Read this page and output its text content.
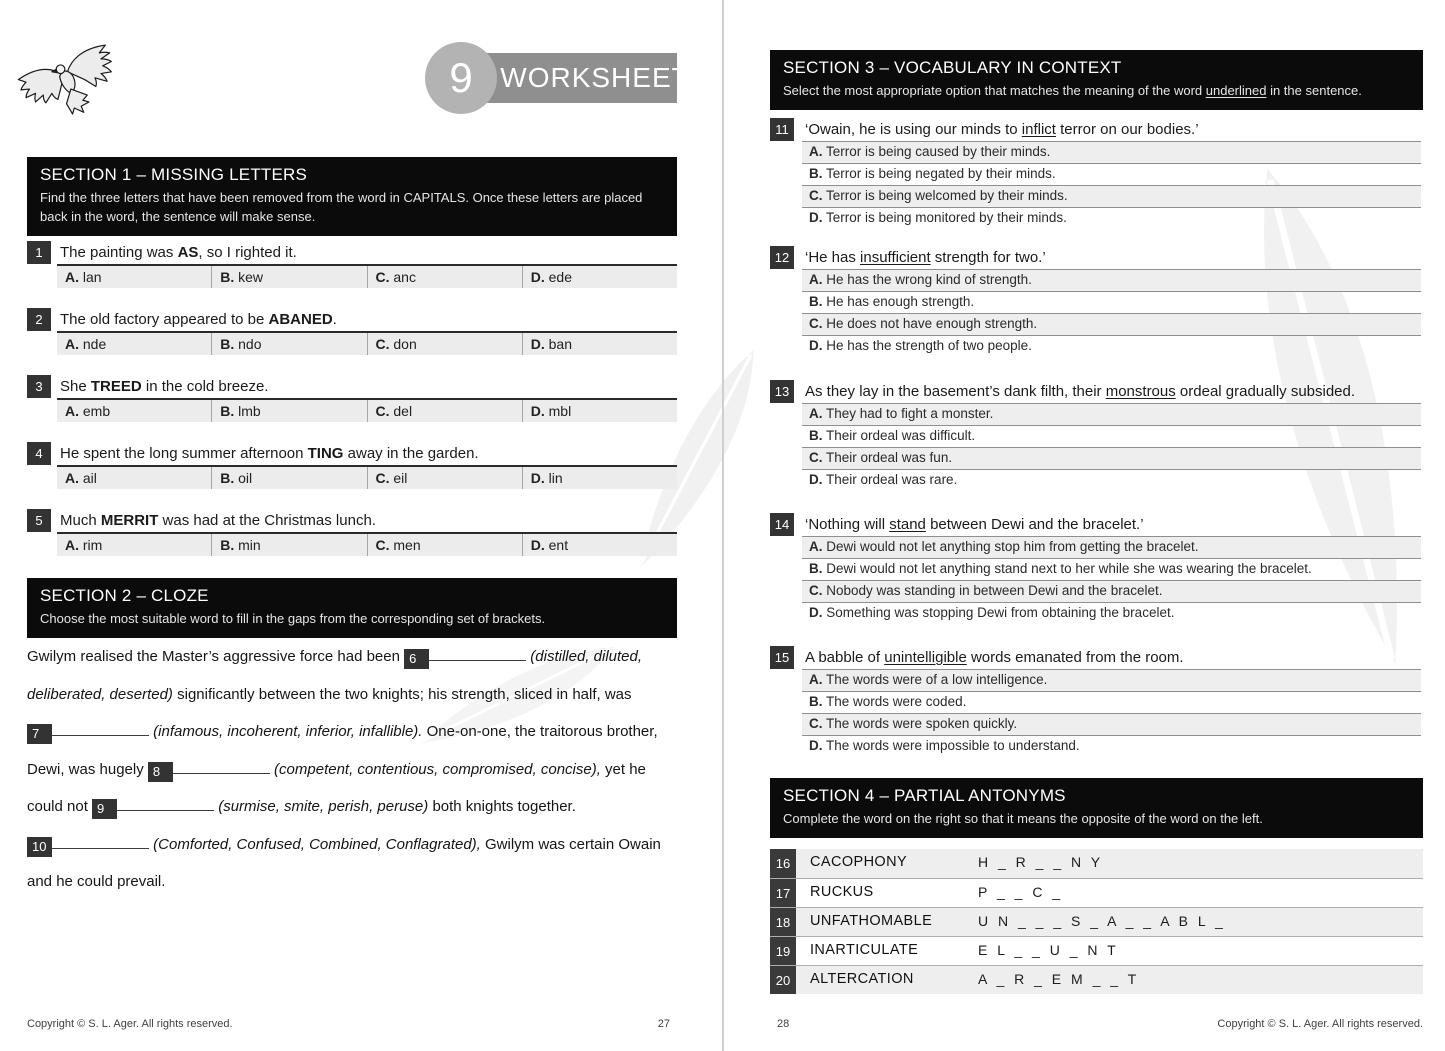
WORKSHEET
9
SECTION 1 – MISSING LETTERS
Find the three letters that have been removed from the word in CAPITALS. Once these letters are placed back in the word, the sentence will make sense.
1	The painting was AS, so I righted it.
A. lan	B. kew	C. anc	D. ede
2	The old factory appeared to be ABANED.
A. nde	B. ndo	C. don	D. ban
3	She TREED in the cold breeze.
A. emb	B. lmb	C. del	D. mbl
4	He spent the long summer afternoon TING away in the garden.
A. ail	B. oil	C. eil	D. lin
5	Much MERRIT was had at the Christmas lunch.
A. rim	B. min	C. men	D. ent
SECTION 2 – CLOZE
Choose the most suitable word to fill in the gaps from the corresponding set of brackets.
Gwilym realised the Master’s aggressive force had been 6	(distilled, diluted, deliberated, deserted) significantly between the two knights; his strength, sliced in half, was 7	(infamous, incoherent, inferior, infallible). One-on-one, the traitorous brother, Dewi, was hugely 8	(competent, contentious, compromised, concise), yet he could not 9	(surmise, smite, perish, peruse) both knights together. 10	(Comforted, Confused, Combined, Conflagrated), Gwilym was certain Owain and he could prevail.
Copyright © S. L. Ager. All rights reserved.	27
SECTION 3 – VOCABULARY IN CONTEXT
Select the most appropriate option that matches the meaning of the word underlined in the sentence.
11	‘Owain, he is using our minds to inflict terror on our bodies.’
A. Terror is being caused by their minds.
B. Terror is being negated by their minds.
C. Terror is being welcomed by their minds.
D. Terror is being monitored by their minds.
12	‘He has insufficient strength for two.’
A. He has the wrong kind of strength.
B. He has enough strength.
C. He does not have enough strength.
D. He has the strength of two people.
13	As they lay in the basement’s dank filth, their monstrous ordeal gradually subsided.
A. They had to fight a monster.
B. Their ordeal was difficult.
C. Their ordeal was fun.
D. Their ordeal was rare.
14	‘Nothing will stand between Dewi and the bracelet.’
A. Dewi would not let anything stop him from getting the bracelet.
B. Dewi would not let anything stand next to her while she was wearing the bracelet.
C. Nobody was standing in between Dewi and the bracelet.
D. Something was stopping Dewi from obtaining the bracelet.
15	A babble of unintelligible words emanated from the room.
A. The words were of a low intelligence.
B. The words were coded.
C. The words were spoken quickly.
D. The words were impossible to understand.
SECTION 4 – PARTIAL ANTONYMS
Complete the word on the right so that it means the opposite of the word on the left.
16	CACOPHONY	H _ R _ _ N Y
17	RUCKUS	P _ _ C _
18	UNFATHOMABLE	U N _ _ _ S _ A _ _ A B L _
19	INARTICULATE	E L _ _ U _ N T
20	ALTERCATION	A _ R _ E M _ _ T
28	Copyright © S. L. Ager. All rights reserved.
